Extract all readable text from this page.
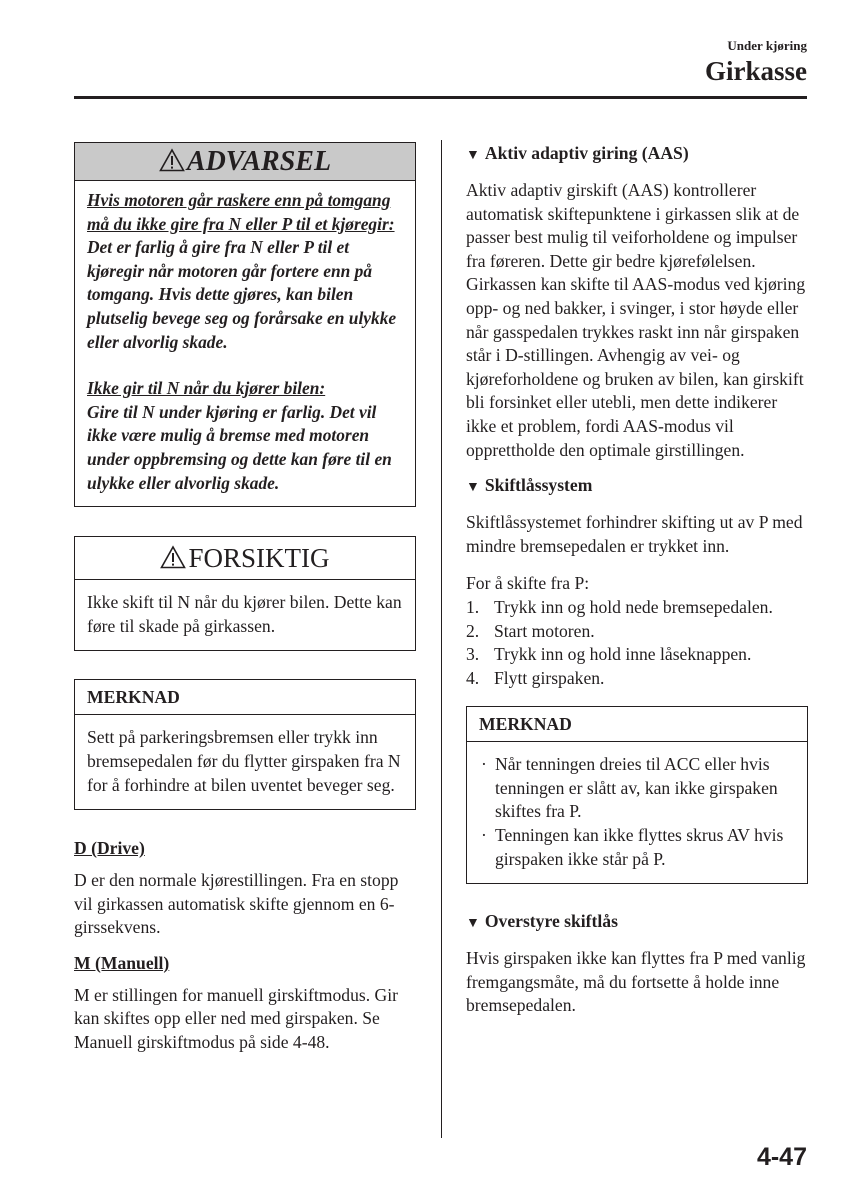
Under kjøring
Girkasse
ADVARSEL

Hvis motoren går raskere enn på tomgang må du ikke gire fra N eller P til et kjøregir:

Det er farlig å gire fra N eller P til et kjøregir når motoren går fortere enn på tomgang. Hvis dette gjøres, kan bilen plutselig bevege seg og forårsake en ulykke eller alvorlig skade.

Ikke gir til N når du kjører bilen:

Gire til N under kjøring er farlig. Det vil ikke være mulig å bremse med motoren under oppbremsing og dette kan føre til en ulykke eller alvorlig skade.

FORSIKTIG

Ikke skift til N når du kjører bilen. Dette kan føre til skade på girkassen.

MERKNAD

Sett på parkeringsbremsen eller trykk inn bremsepedalen før du flytter girspaken fra N for å forhindre at bilen uventet beveger seg.

D (Drive)

D er den normale kjørestillingen. Fra en stopp vil girkassen automatisk skifte gjennom en 6-girssekvens.

M (Manuell)

M er stillingen for manuell girskiftmodus. Gir kan skiftes opp eller ned med girspaken. Se Manuell girskiftmodus på side 4-48.

▼ Aktiv adaptiv giring (AAS)

Aktiv adaptiv girskift (AAS) kontrollerer automatisk skiftepunktene i girkassen slik at de passer best mulig til veiforholdene og impulser fra føreren. Dette gir bedre kjørefølelsen. Girkassen kan skifte til AAS-modus ved kjøring opp- og ned bakker, i svinger, i stor høyde eller når gasspedalen trykkes raskt inn når girspaken står i D-stillingen. Avhengig av vei- og kjøreforholdene og bruken av bilen, kan girskift bli forsinket eller utebli, men dette indikerer ikke et problem, fordi AAS-modus vil opprettholde den optimale girstillingen.

▼ Skiftlåssystem

Skiftlåssystemet forhindrer skifting ut av P med mindre bremsepedalen er trykket inn.

For å skifte fra P:

1. Trykk inn og hold nede bremsepedalen.
2. Start motoren.
3. Trykk inn og hold inne låseknappen.
4. Flytt girspaken.
MERKNAD
· Når tenningen dreies til ACC eller hvis tenningen er slått av, kan ikke girspaken skiftes fra P.
· Tenningen kan ikke flyttes skrus AV hvis girspaken ikke står på P.
▼ Overstyre skiftlås

Hvis girspaken ikke kan flyttes fra P med vanlig fremgangsmåte, må du fortsette å holde inne bremsepedalen.

4-47
